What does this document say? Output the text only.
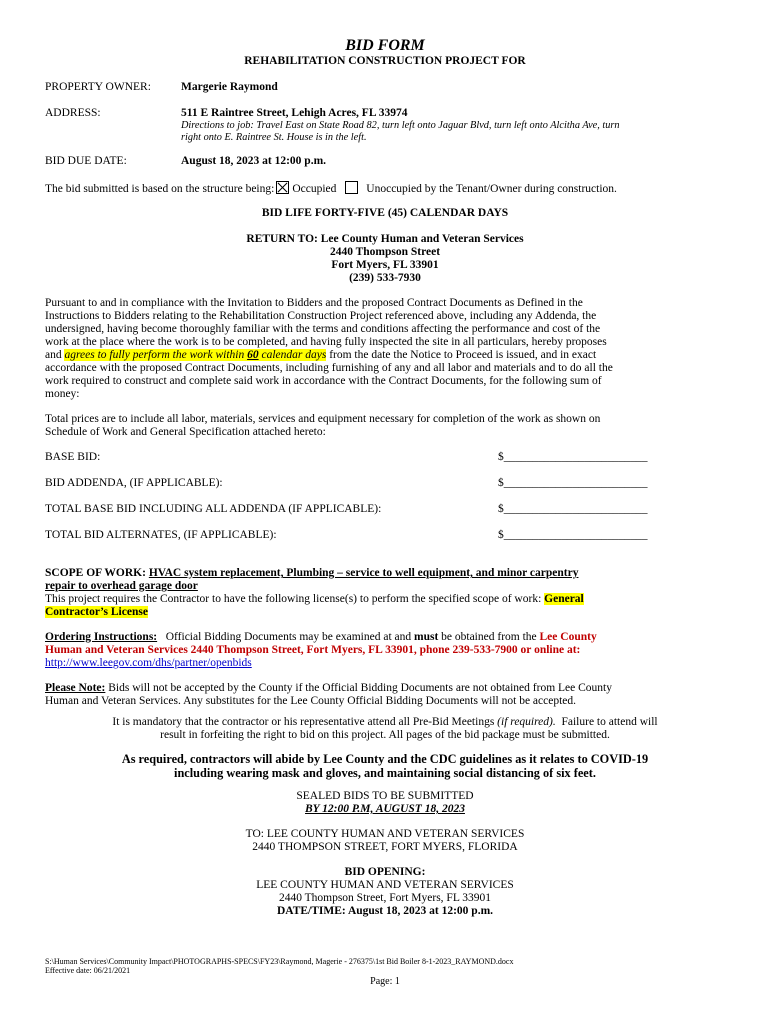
BID FORM
REHABILITATION CONSTRUCTION PROJECT FOR
PROPERTY OWNER:	Margerie Raymond
ADDRESS:	511 E Raintree Street, Lehigh Acres, FL 33974
Directions to job: Travel East on State Road 82, turn left onto Jaguar Blvd, turn left onto Alcitha Ave, turn
right onto E. Raintree St. House is in the left.
BID DUE DATE:	August 18, 2023 at 12:00 p.m.
The bid submitted is based on the structure being: Occupied	Unoccupied by the Tenant/Owner during construction.
BID LIFE FORTY-FIVE (45) CALENDAR DAYS
RETURN TO: Lee County Human and Veteran Services
2440 Thompson Street
Fort Myers, FL 33901
(239) 533-7930
Pursuant to and in compliance with the Invitation to Bidders and the proposed Contract Documents as Defined in the
Instructions to Bidders relating to the Rehabilitation Construction Project referenced above, including any Addenda, the
undersigned, having become thoroughly familiar with the terms and conditions affecting the performance and cost of the
work at the place where the work is to be completed, and having fully inspected the site in all particulars, hereby proposes
and agrees to fully perform the work within 60 calendar days from the date the Notice to Proceed is issued, and in exact
accordance with the proposed Contract Documents, including furnishing of any and all labor and materials and to do all the
work required to construct and complete said work in accordance with the Contract Documents, for the following sum of
money:
Total prices are to include all labor, materials, services and equipment necessary for completion of the work as shown on
Schedule of Work and General Specification attached hereto:
BASE BID:	$_________________________
BID ADDENDA, (IF APPLICABLE):	$_________________________
TOTAL BASE BID INCLUDING ALL ADDENDA (IF APPLICABLE):	$_________________________
TOTAL BID ALTERNATES, (IF APPLICABLE):	$_________________________
SCOPE OF WORK: HVAC system replacement, Plumbing – service to well equipment, and minor carpentry
repair to overhead garage door
This project requires the Contractor to have the following license(s) to perform the specified scope of work: General
Contractor’s License
Ordering Instructions: Official Bidding Documents may be examined at and must be obtained from the Lee County
Human and Veteran Services 2440 Thompson Street, Fort Myers, FL 33901, phone 239-533-7900 or online at:
http://www.leegov.com/dhs/partner/openbids
Please Note: Bids will not be accepted by the County if the Official Bidding Documents are not obtained from Lee County
Human and Veteran Services. Any substitutes for the Lee County Official Bidding Documents will not be accepted.
It is mandatory that the contractor or his representative attend all Pre-Bid Meetings (if required). Failure to attend will
result in forfeiting the right to bid on this project. All pages of the bid package must be submitted.
As required, contractors will abide by Lee County and the CDC guidelines as it relates to COVID-19
including wearing mask and gloves, and maintaining social distancing of six feet.
SEALED BIDS TO BE SUBMITTED
BY 12:00 P.M, AUGUST 18, 2023
TO: LEE COUNTY HUMAN AND VETERAN SERVICES
2440 THOMPSON STREET, FORT MYERS, FLORIDA
BID OPENING:
LEE COUNTY HUMAN AND VETERAN SERVICES
2440 Thompson Street, Fort Myers, FL 33901
DATE/TIME: August 18, 2023 at 12:00 p.m.
S:\Human Services\Community Impact\PHOTOGRAPHS-SPECS\FY23\Raymond, Magerie - 276375\1st Bid Boiler 8-1-2023_RAYMOND.docx
Effective date: 06/21/2021
Page: 1
